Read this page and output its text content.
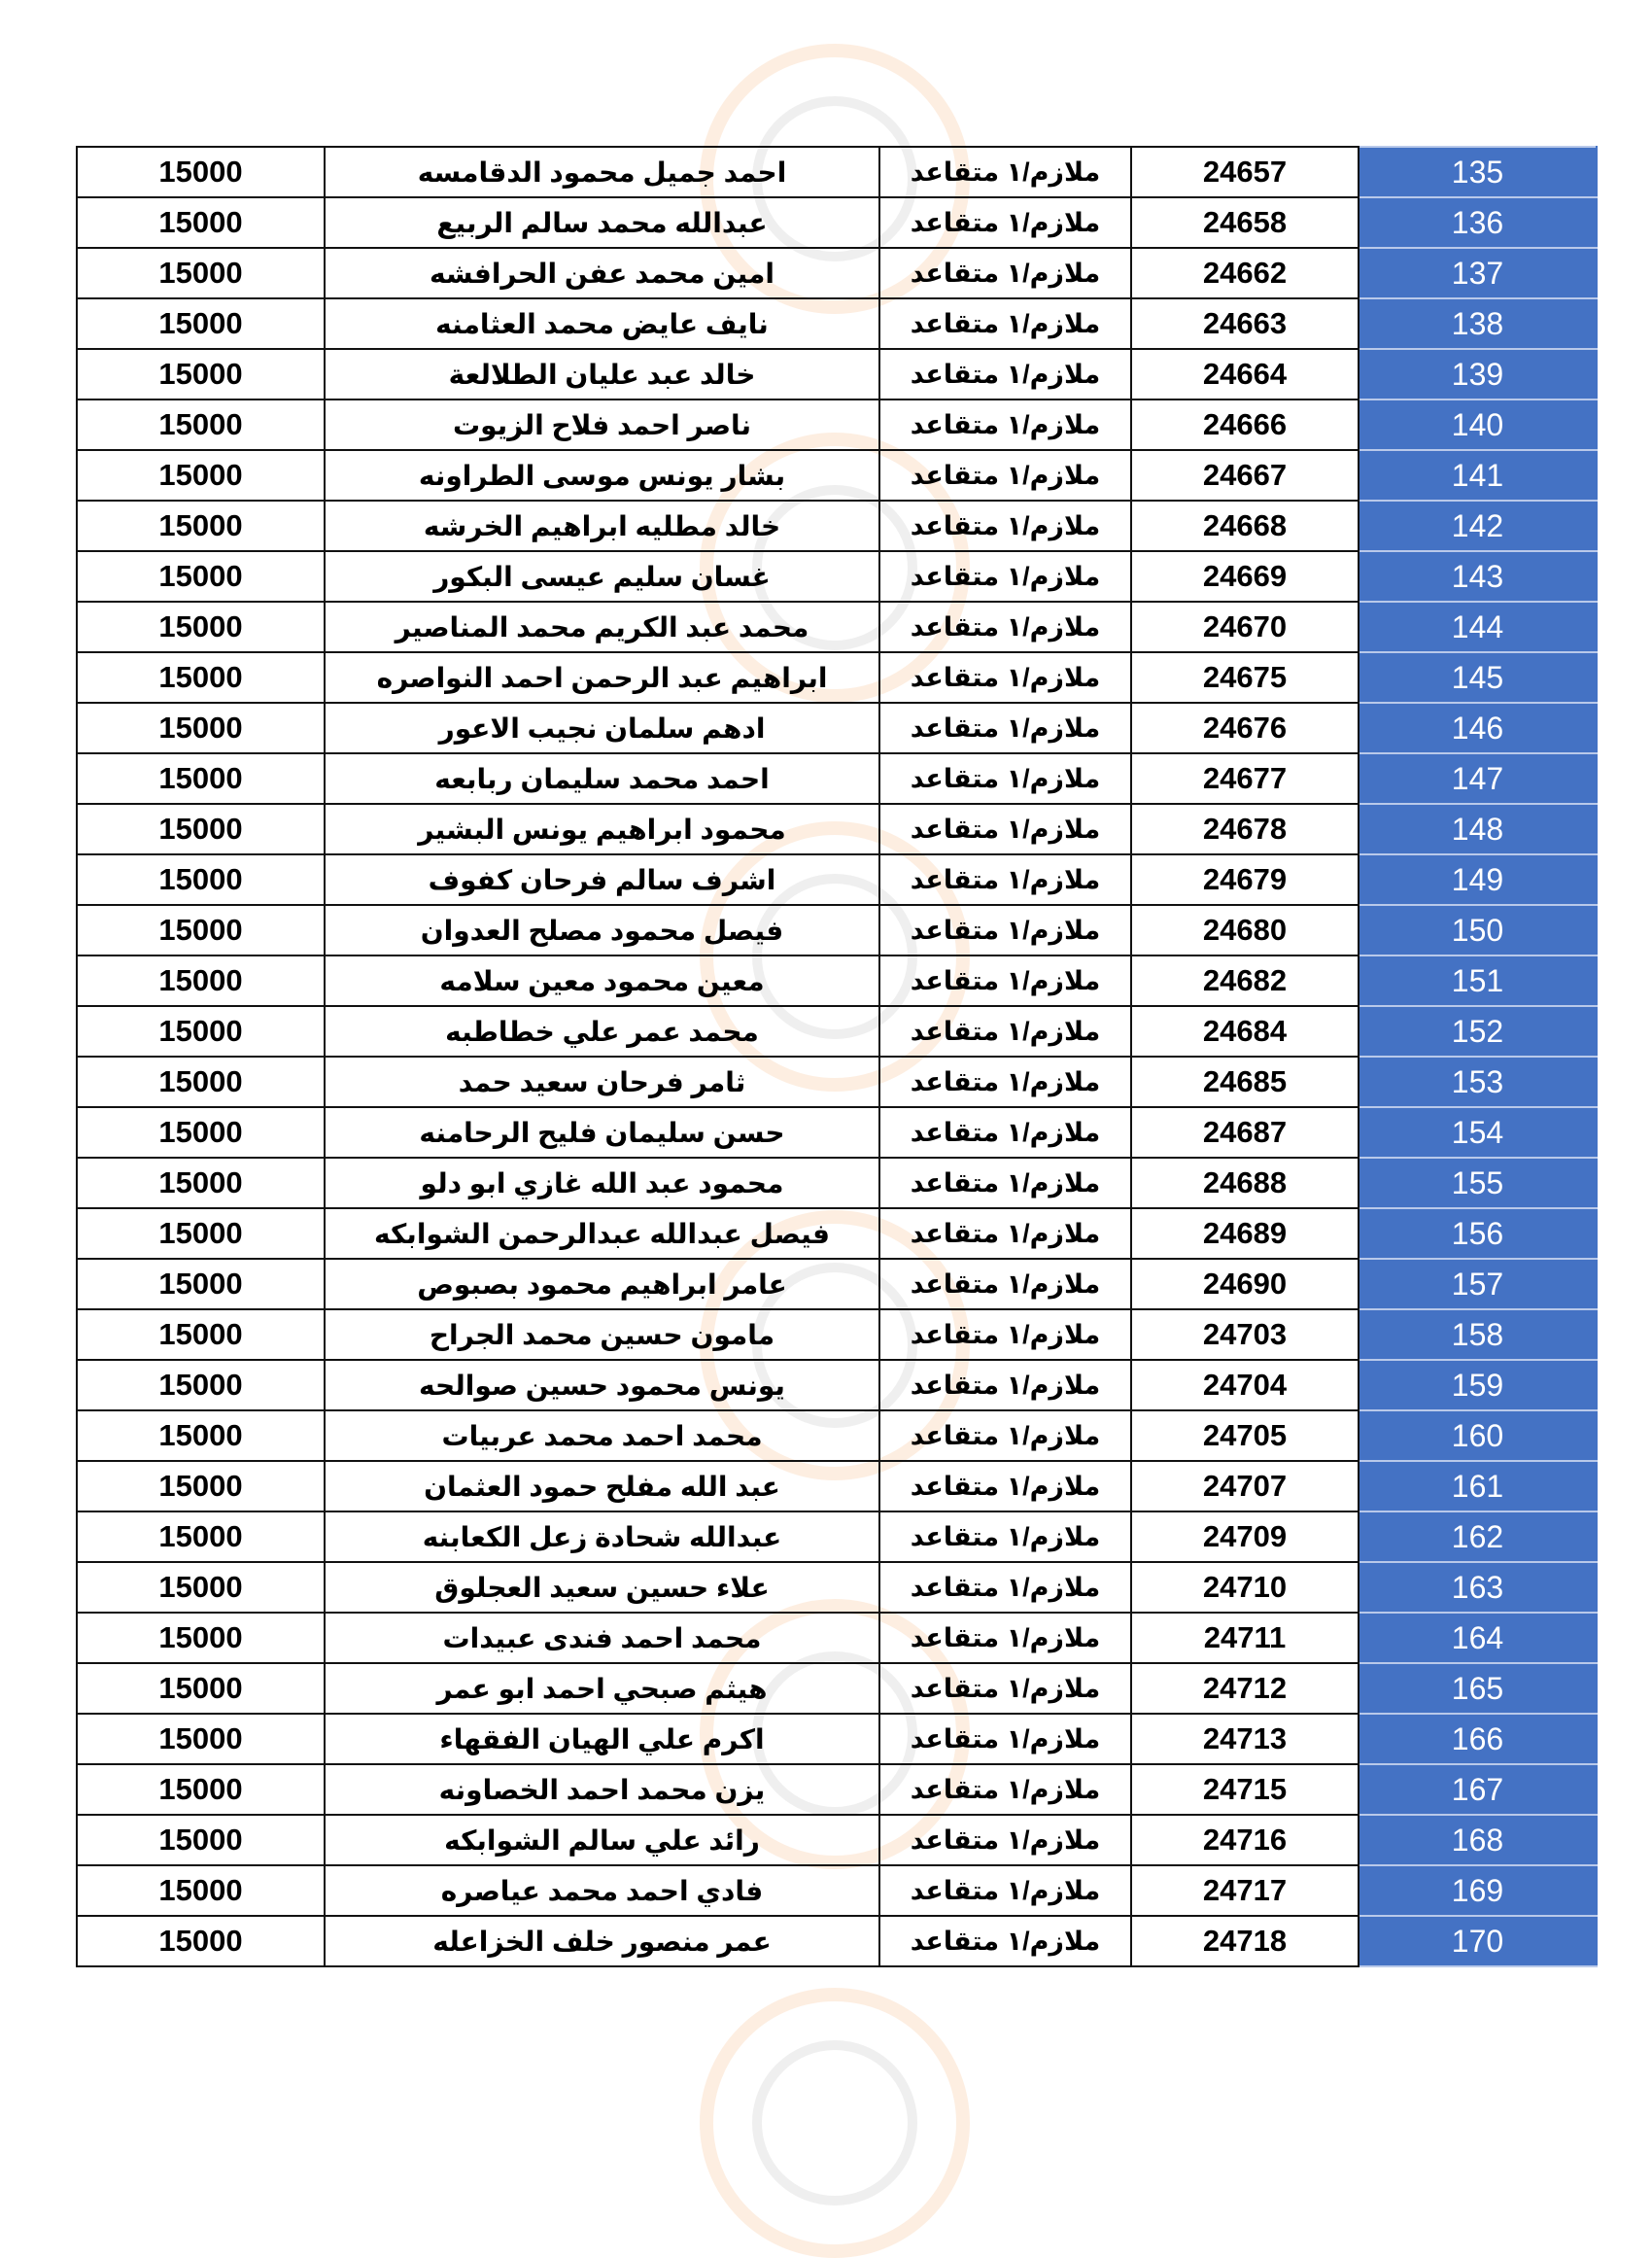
15000	احمد جميل محمود الدقامسه	ملازم/١ متقاعد	24657	135
15000	عبدالله محمد سالم الربيع	ملازم/١ متقاعد	24658	136
15000	امين محمد عفن الحرافشه	ملازم/١ متقاعد	24662	137
15000	نايف عايض محمد العثامنه	ملازم/١ متقاعد	24663	138
15000	خالد عبد عليان الطلالعة	ملازم/١ متقاعد	24664	139
15000	ناصر احمد فلاح الزيوت	ملازم/١ متقاعد	24666	140
15000	بشار يونس موسى الطراونه	ملازم/١ متقاعد	24667	141
15000	خالد مطليه ابراهيم الخرشه	ملازم/١ متقاعد	24668	142
15000	غسان سليم عيسى البكور	ملازم/١ متقاعد	24669	143
15000	محمد عبد الكريم محمد المناصير	ملازم/١ متقاعد	24670	144
15000	ابراهيم عبد الرحمن احمد النواصره	ملازم/١ متقاعد	24675	145
15000	ادهم سلمان نجيب الاعور	ملازم/١ متقاعد	24676	146
15000	احمد محمد سليمان ربابعه	ملازم/١ متقاعد	24677	147
15000	محمود ابراهيم يونس البشير	ملازم/١ متقاعد	24678	148
15000	اشرف سالم فرحان كفوف	ملازم/١ متقاعد	24679	149
15000	فيصل محمود مصلح العدوان	ملازم/١ متقاعد	24680	150
15000	معين محمود معين سلامه	ملازم/١ متقاعد	24682	151
15000	محمد عمر علي خطاطبه	ملازم/١ متقاعد	24684	152
15000	ثامر فرحان سعيد حمد	ملازم/١ متقاعد	24685	153
15000	حسن سليمان فليح الرحامنه	ملازم/١ متقاعد	24687	154
15000	محمود عبد الله غازي ابو دلو	ملازم/١ متقاعد	24688	155
15000	فيصل عبدالله عبدالرحمن الشوابكه	ملازم/١ متقاعد	24689	156
15000	عامر ابراهيم محمود بصبوص	ملازم/١ متقاعد	24690	157
15000	مامون حسين محمد الجراح	ملازم/١ متقاعد	24703	158
15000	يونس محمود حسين صوالحه	ملازم/١ متقاعد	24704	159
15000	محمد احمد محمد عربيات	ملازم/١ متقاعد	24705	160
15000	عبد الله مفلح حمود العثمان	ملازم/١ متقاعد	24707	161
15000	عبدالله شحادة زعل الكعابنه	ملازم/١ متقاعد	24709	162
15000	علاء حسين سعيد العجلوق	ملازم/١ متقاعد	24710	163
15000	محمد احمد فندى عبيدات	ملازم/١ متقاعد	24711	164
15000	هيثم صبحي احمد ابو عمر	ملازم/١ متقاعد	24712	165
15000	اكرم علي الهيان الفقهاء	ملازم/١ متقاعد	24713	166
15000	يزن محمد احمد الخصاونه	ملازم/١ متقاعد	24715	167
15000	رائد علي سالم الشوابكه	ملازم/١ متقاعد	24716	168
15000	فادي احمد محمد عياصره	ملازم/١ متقاعد	24717	169
15000	عمر منصور خلف الخزاعله	ملازم/١ متقاعد	24718	170
